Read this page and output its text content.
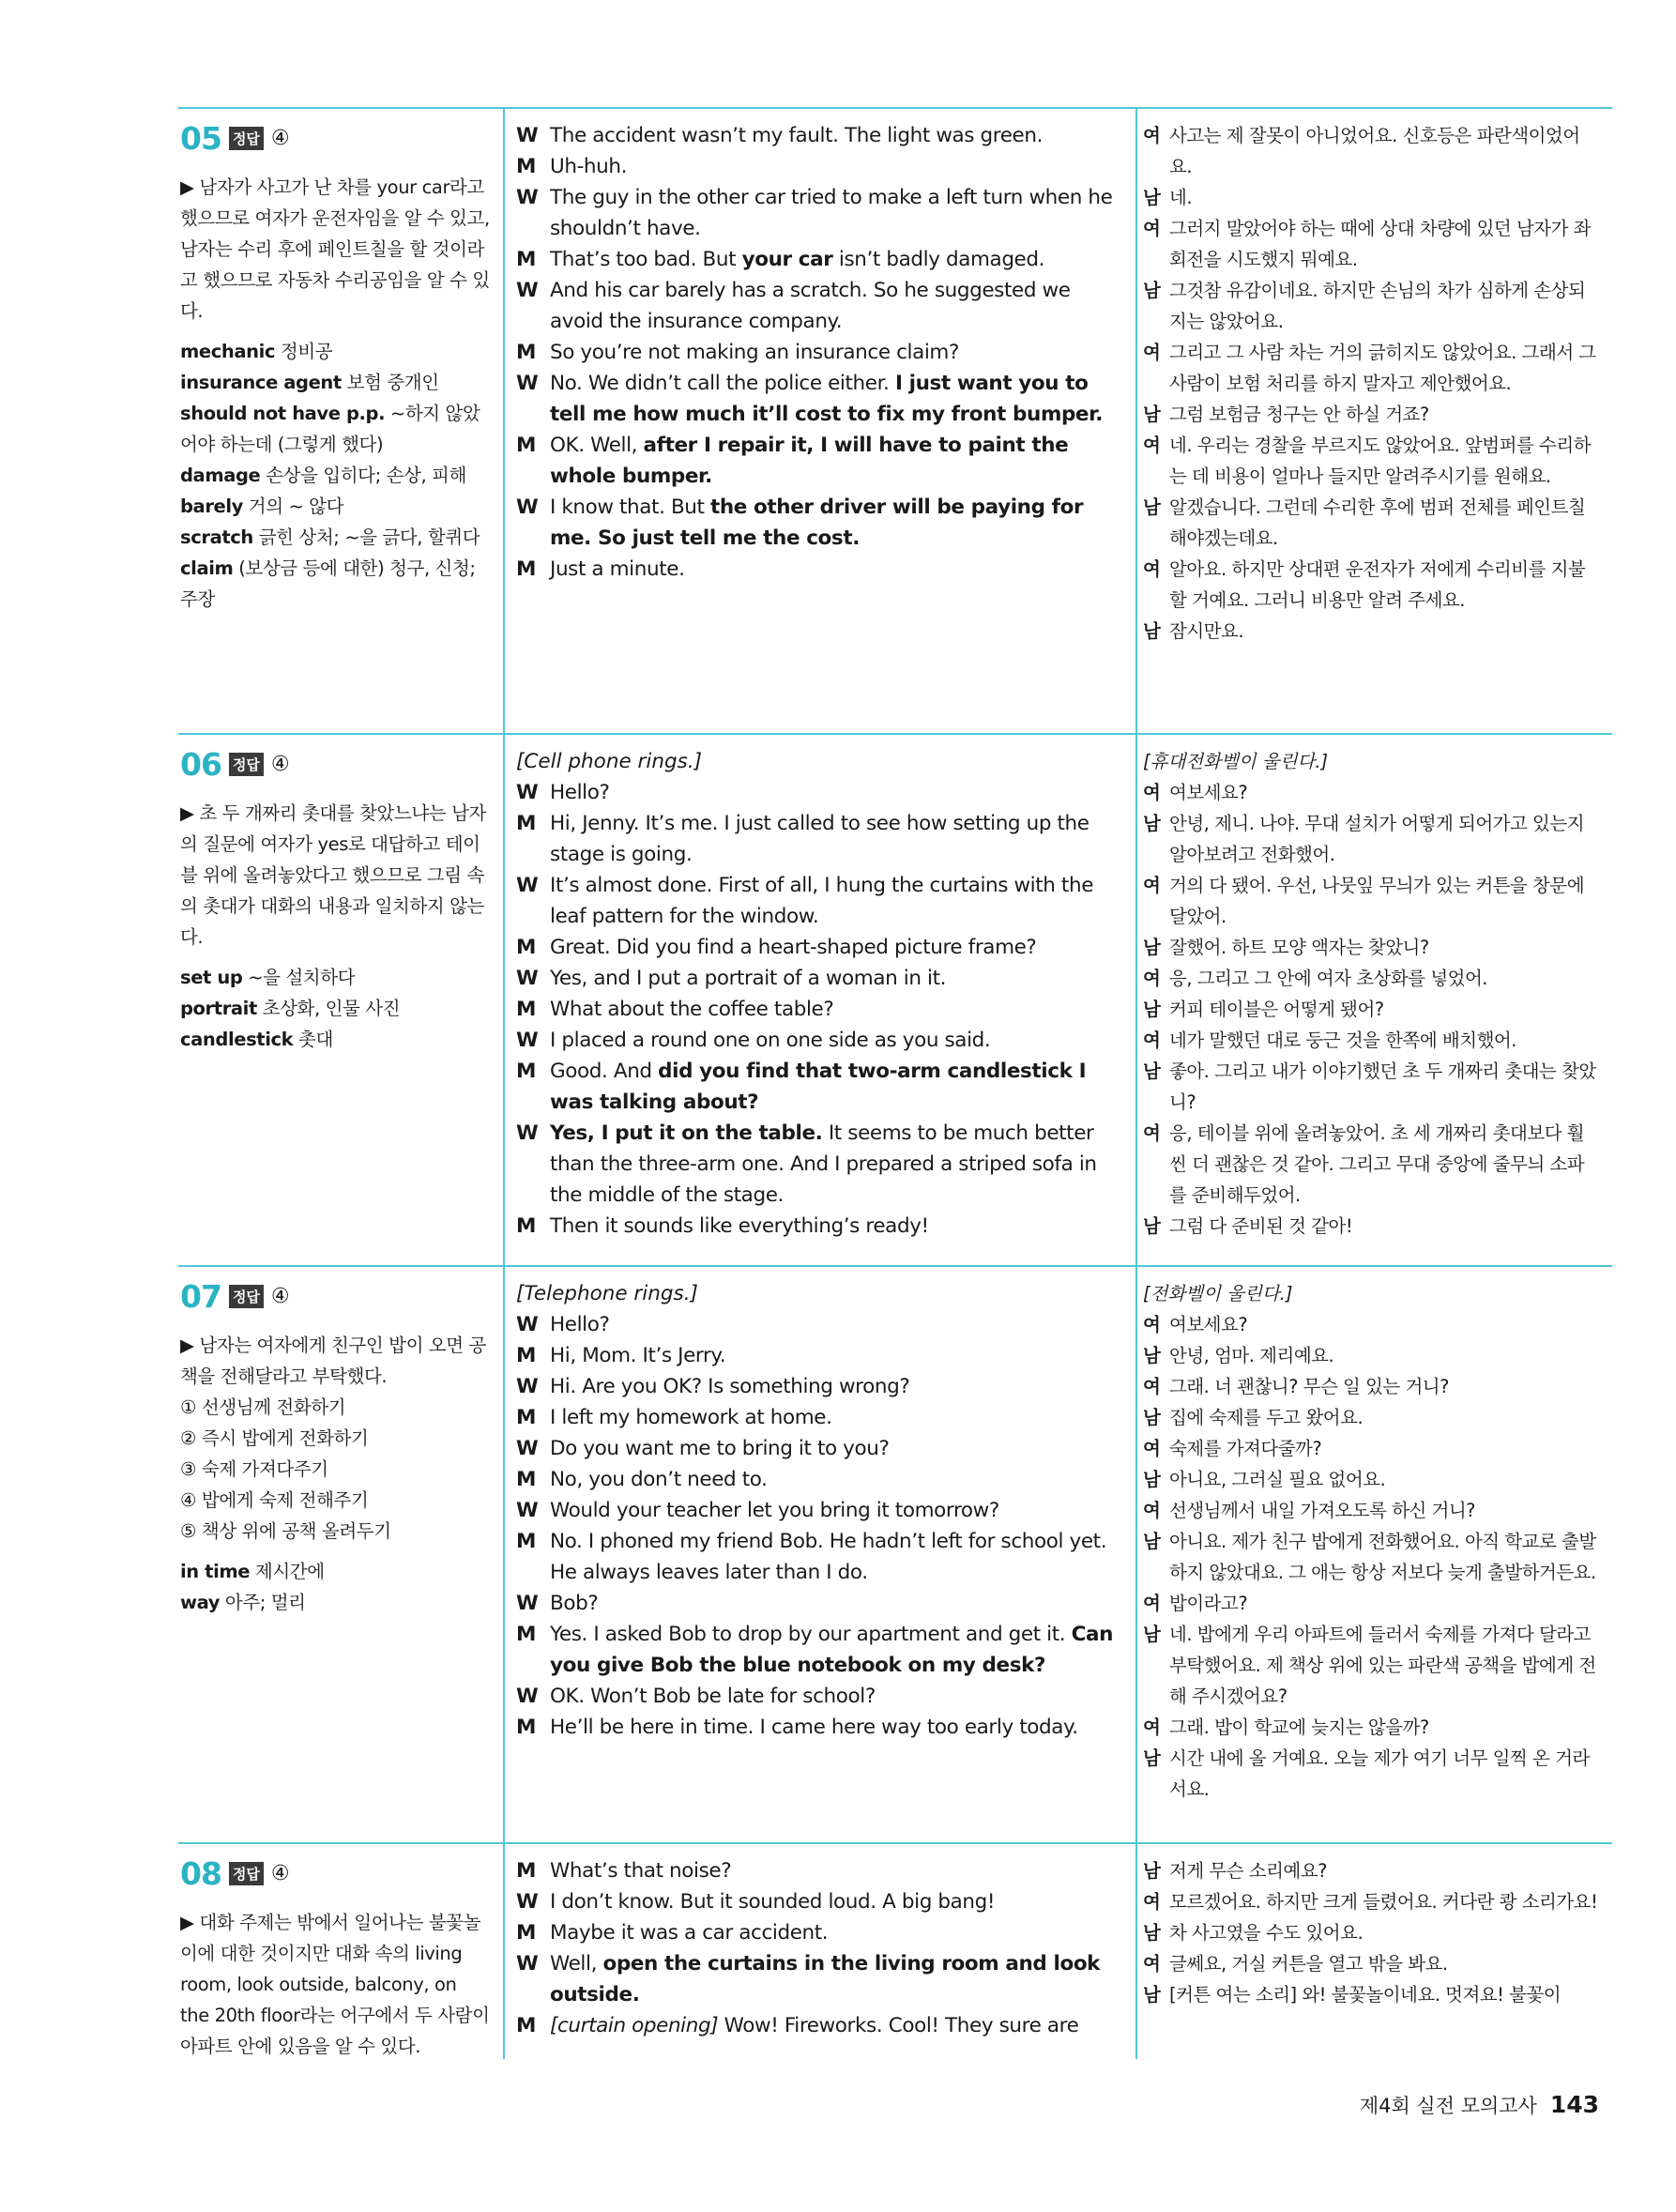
05 정답 ④
▶ 남자가 사고가 난 차를 your car라고 했으므로 여자가 운전자임을 알 수 있고, 남자는 수리 후에 페인트칠을 할 것이라고 했으므로 자동차 수리공임을 알 수 있다.
mechanic 정비공
insurance agent 보험 중개인
should not have p.p. ~하지 않았어야 하는데 (그렇게 했다)
damage 손상을 입히다; 손상, 피해
barely 거의 ~ 않다
scratch 긁힌 상처; ~을 긁다, 할퀴다
claim (보상금 등에 대한) 청구, 신청; 주장
W The accident wasn’t my fault. The light was green.
M Uh-huh.
W The guy in the other car tried to make a left turn when he shouldn’t have.
M That’s too bad. But your car isn’t badly damaged.
W And his car barely has a scratch. So he suggested we avoid the insurance company.
M So you’re not making an insurance claim?
W No. We didn’t call the police either. I just want you to tell me how much it’ll cost to fix my front bumper.
M OK. Well, after I repair it, I will have to paint the whole bumper.
W I know that. But the other driver will be paying for me. So just tell me the cost.
M Just a minute.
여 사고는 제 잘못이 아니었어요. 신호등은 파란색이었어요.
남 네.
여 그러지 말았어야 하는 때에 상대 차량에 있던 남자가 좌회전을 시도했지 뭐예요.
남 그것참 유감이네요. 하지만 손님의 차가 심하게 손상되지는 않았어요.
여 그리고 그 사람 차는 거의 긁히지도 않았어요. 그래서 그 사람이 보험 처리를 하지 말자고 제안했어요.
남 그럼 보험금 청구는 안 하실 거죠?
여 네. 우리는 경찰을 부르지도 않았어요. 앞범퍼를 수리하는 데 비용이 얼마나 들지만 알려주시기를 원해요.
남 알겠습니다. 그런데 수리한 후에 범퍼 전체를 페인트칠해야겠는데요.
여 알아요. 하지만 상대편 운전자가 저에게 수리비를 지불할 거예요. 그러니 비용만 알려 주세요.
남 잠시만요.
06 정답 ④
▶ 초 두 개짜리 촛대를 찾았느냐는 남자의 질문에 여자가 yes로 대답하고 테이블 위에 올려놓았다고 했으므로 그림 속의 촛대가 대화의 내용과 일치하지 않는다.
set up ~을 설치하다
portrait 초상화, 인물 사진
candlestick 촛대
[Cell phone rings.]
W Hello?
M Hi, Jenny. It’s me. I just called to see how setting up the stage is going.
W It’s almost done. First of all, I hung the curtains with the leaf pattern for the window.
M Great. Did you find a heart-shaped picture frame?
W Yes, and I put a portrait of a woman in it.
M What about the coffee table?
W I placed a round one on one side as you said.
M Good. And did you find that two-arm candlestick I was talking about?
W Yes, I put it on the table. It seems to be much better than the three-arm one. And I prepared a striped sofa in the middle of the stage.
M Then it sounds like everything’s ready!
[휴대전화벨이 울린다.]
여 여보세요?
남 안녕, 제니. 나야. 무대 설치가 어떻게 되어가고 있는지 알아보려고 전화했어.
여 거의 다 됐어. 우선, 나뭇잎 무늬가 있는 커튼을 창문에 달았어.
남 잘했어. 하트 모양 액자는 찾았니?
여 응, 그리고 그 안에 여자 초상화를 넣었어.
남 커피 테이블은 어떻게 됐어?
여 네가 말했던 대로 둥근 것을 한쪽에 배치했어.
남 좋아. 그리고 내가 이야기했던 초 두 개짜리 촛대는 찾았니?
여 응, 테이블 위에 올려놓았어. 초 세 개짜리 촛대보다 훨씬 더 괜찮은 것 같아. 그리고 무대 중앙에 줄무늬 소파를 준비해두었어.
남 그럼 다 준비된 것 같아!
07 정답 ④
▶ 남자는 여자에게 친구인 밥이 오면 공책을 전해달라고 부탁했다.
① 선생님께 전화하기
② 즉시 밥에게 전화하기
③ 숙제 가져다주기
④ 밥에게 숙제 전해주기
⑤ 책상 위에 공책 올려두기
in time 제시간에
way 아주; 멀리
[Telephone rings.]
W Hello?
M Hi, Mom. It’s Jerry.
W Hi. Are you OK? Is something wrong?
M I left my homework at home.
W Do you want me to bring it to you?
M No, you don’t need to.
W Would your teacher let you bring it tomorrow?
M No. I phoned my friend Bob. He hadn’t left for school yet. He always leaves later than I do.
W Bob?
M Yes. I asked Bob to drop by our apartment and get it. Can you give Bob the blue notebook on my desk?
W OK. Won’t Bob be late for school?
M He’ll be here in time. I came here way too early today.
[전화벨이 울린다.]
여 여보세요?
남 안녕, 엄마. 제리예요.
여 그래. 너 괜찮니? 무슨 일 있는 거니?
남 집에 숙제를 두고 왔어요.
여 숙제를 가져다줄까?
남 아니요, 그러실 필요 없어요.
여 선생님께서 내일 가져오도록 하신 거니?
남 아니요. 제가 친구 밥에게 전화했어요. 아직 학교로 출발하지 않았대요. 그 애는 항상 저보다 늦게 출발하거든요.
여 밥이라고?
남 네. 밥에게 우리 아파트에 들러서 숙제를 가져다 달라고 부탁했어요. 제 책상 위에 있는 파란색 공책을 밥에게 전해 주시겠어요?
여 그래. 밥이 학교에 늦지는 않을까?
남 시간 내에 올 거예요. 오늘 제가 여기 너무 일찍 온 거라서요.
08 정답 ④
▶ 대화 주제는 밖에서 일어나는 불꽃놀이에 대한 것이지만 대화 속의 living room, look outside, balcony, on the 20th floor라는 어구에서 두 사람이 아파트 안에 있음을 알 수 있다.
M What’s that noise?
W I don’t know. But it sounded loud. A big bang!
M Maybe it was a car accident.
W Well, open the curtains in the living room and look outside.
M [curtain opening] Wow! Fireworks. Cool! They sure are
남 저게 무슨 소리예요?
여 모르겠어요. 하지만 크게 들렸어요. 커다란 쾅 소리가요!
남 차 사고였을 수도 있어요.
여 글쎄요, 거실 커튼을 열고 밖을 봐요.
남 [커튼 여는 소리] 와! 불꽃놀이네요. 멋져요! 불꽃이
제4회 실전 모의고사 143
